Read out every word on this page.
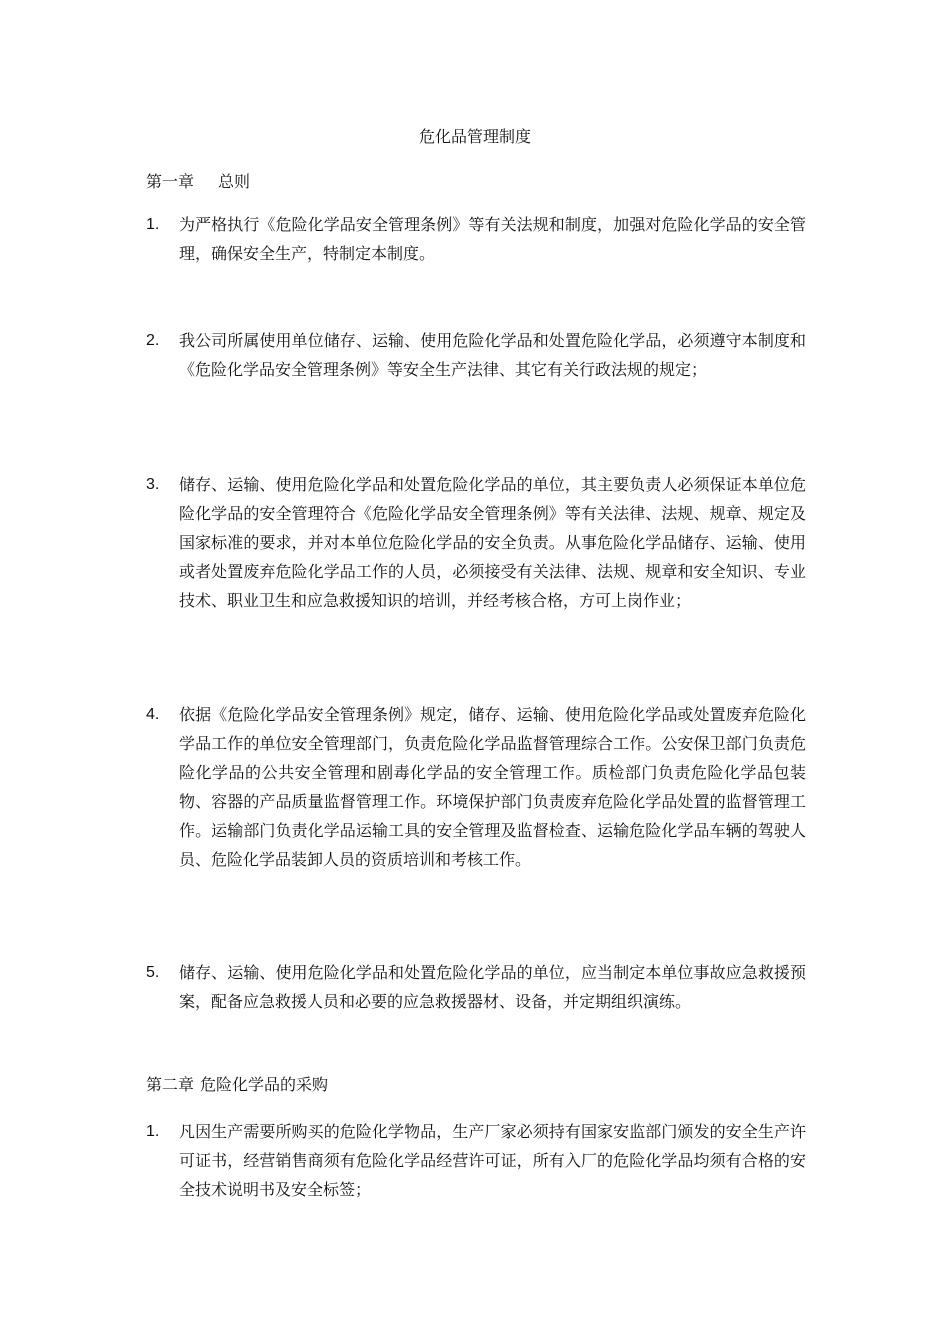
危化品管理制度
第一章 总则
1.	为严格执行《危险化学品安全管理条例》等有关法规和制度，加强对危险化学品的安全管理，确保安全生产，特制定本制度。
2.	我公司所属使用单位储存、运输、使用危险化学品和处置危险化学品，必须遵守本制度和《危险化学品安全管理条例》等安全生产法律、其它有关行政法规的规定；
3.	储存、运输、使用危险化学品和处置危险化学品的单位，其主要负责人必须保证本单位危险化学品的安全管理符合《危险化学品安全管理条例》等有关法律、法规、规章、规定及国家标准的要求，并对本单位危险化学品的安全负责。从事危险化学品储存、运输、使用或者处置废弃危险化学品工作的人员，必须接受有关法律、法规、规章和安全知识、专业技术、职业卫生和应急救援知识的培训，并经考核合格，方可上岗作业；
4.	依据《危险化学品安全管理条例》规定，储存、运输、使用危险化学品或处置废弃危险化学品工作的单位安全管理部门，负责危险化学品监督管理综合工作。公安保卫部门负责危险化学品的公共安全管理和剧毒化学品的安全管理工作。质检部门负责危险化学品包装物、容器的产品质量监督管理工作。环境保护部门负责废弃危险化学品处置的监督管理工作。运输部门负责化学品运输工具的安全管理及监督检查、运输危险化学品车辆的驾驶人员、危险化学品装卸人员的资质培训和考核工作。
5.	储存、运输、使用危险化学品和处置危险化学品的单位，应当制定本单位事故应急救援预案，配备应急救援人员和必要的应急救援器材、设备，并定期组织演练。
第二章 危险化学品的采购
1.	凡因生产需要所购买的危险化学物品，生产厂家必须持有国家安监部门颁发的安全生产许可证书，经营销售商须有危险化学品经营许可证，所有入厂的危险化学品均须有合格的安全技术说明书及安全标签；
